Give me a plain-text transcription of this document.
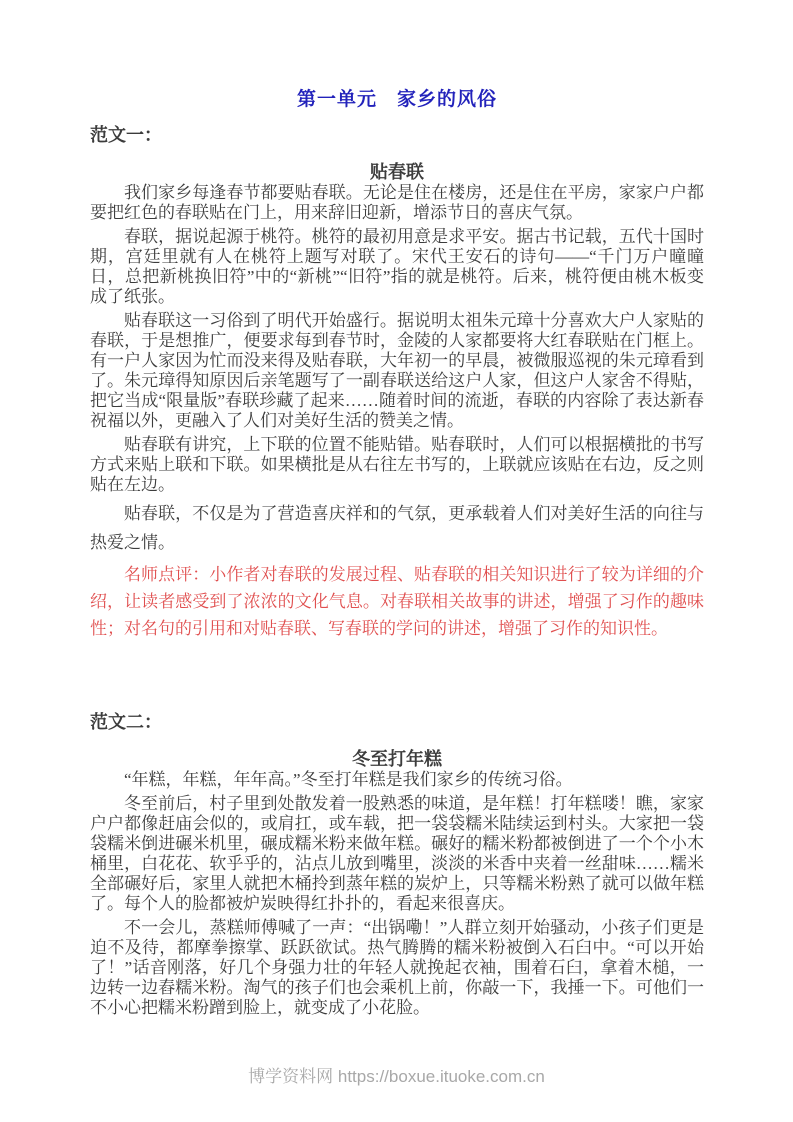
第一单元　家乡的风俗
范文一：
贴春联

我们家乡每逢春节都要贴春联。无论是住在楼房，还是住在平房，家家户户都要把红色的春联贴在门上，用来辞旧迎新，增添节日的喜庆气氛。

春联，据说起源于桃符。桃符的最初用意是求平安。据古书记载，五代十国时期，宫廷里就有人在桃符上题写对联了。宋代王安石的诗句——“千门万户曈曈日，总把新桃换旧符”中的“新桃”“旧符”指的就是桃符。后来，桃符便由桃木板变成了纸张。

贴春联这一习俗到了明代开始盛行。据说明太祖朱元璋十分喜欢大户人家贴的春联，于是想推广，便要求每到春节时，金陵的人家都要将大红春联贴在门框上。有一户人家因为忙而没来得及贴春联，大年初一的早晨，被微服巡视的朱元璋看到了。朱元璋得知原因后亲笔题写了一副春联送给这户人家，但这户人家舍不得贴，把它当成“限量版”春联珍藏了起来……随着时间的流逝，春联的内容除了表达新春祝福以外，更融入了人们对美好生活的赞美之情。

贴春联有讲究，上下联的位置不能贴错。贴春联时，人们可以根据横批的书写方式来贴上联和下联。如果横批是从右往左书写的，上联就应该贴在右边，反之则贴在左边。

贴春联，不仅是为了营造喜庆祥和的气氛，更承载着人们对美好生活的向往与热爱之情。

名师点评：小作者对春联的发展过程、贴春联的相关知识进行了较为详细的介绍，让读者感受到了浓浓的文化气息。对春联相关故事的讲述，增强了习作的趣味性；对名句的引用和对贴春联、写春联的学问的讲述，增强了习作的知识性。

范文二：
冬至打年糕

“年糕，年糕，年年高。”冬至打年糕是我们家乡的传统习俗。

冬至前后，村子里到处散发着一股熟悉的味道，是年糕！打年糕喽！瞧，家家户户都像赶庙会似的，或肩扛，或车载，把一袋袋糯米陆续运到村头。大家把一袋袋糯米倒进碾米机里，碾成糯米粉来做年糕。碾好的糯米粉都被倒进了一个个小木桶里，白花花、软乎乎的，沾点儿放到嘴里，淡淡的米香中夹着一丝甜味……糯米全部碾好后，家里人就把木桶拎到蒸年糕的炭炉上，只等糯米粉熟了就可以做年糕了。每个人的脸都被炉炭映得红扑扑的，看起来很喜庆。

不一会儿，蒸糕师傅喊了一声：“出锅嘞！”人群立刻开始骚动，小孩子们更是迫不及待，都摩拳擦掌、跃跃欲试。热气腾腾的糯米粉被倒入石臼中。“可以开始了！”话音刚落，好几个身强力壮的年轻人就挽起衣袖，围着石臼，拿着木槌，一边转一边舂糯米粉。淘气的孩子们也会乘机上前，你敲一下，我捶一下。可他们一不小心把糯米粉蹭到脸上，就变成了小花脸。

博学资料网 https://boxue.ituoke.com.cn
